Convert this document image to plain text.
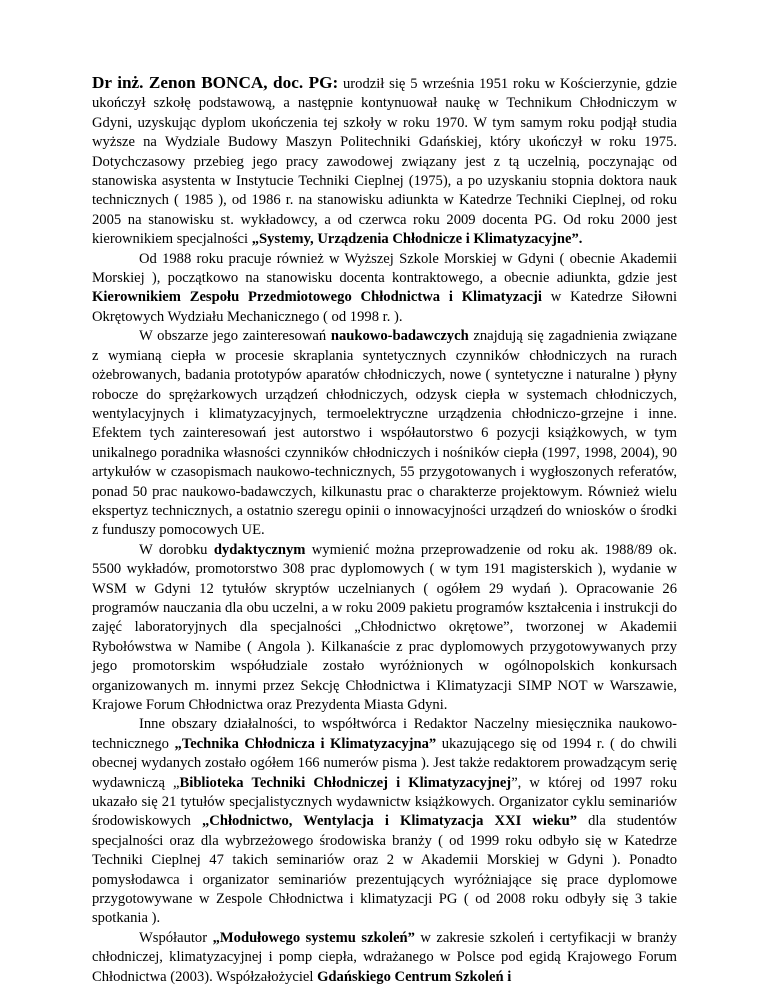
Dr inż. Zenon BONCA, doc. PG: urodził się 5 września 1951 roku w Kościerzynie, gdzie ukończył szkołę podstawową, a następnie kontynuował naukę w Technikum Chłodniczym w Gdyni, uzyskując dyplom ukończenia tej szkoły w roku 1970. W tym samym roku podjął studia wyższe na Wydziale Budowy Maszyn Politechniki Gdańskiej, który ukończył w roku 1975. Dotychczasowy przebieg jego pracy zawodowej związany jest z tą uczelnią, poczynając od stanowiska asystenta w Instytucie Techniki Cieplnej (1975), a po uzyskaniu stopnia doktora nauk technicznych ( 1985 ), od 1986 r. na stanowisku adiunkta w Katedrze Techniki Cieplnej, od roku 2005 na stanowisku st. wykładowcy, a od czerwca roku 2009 docenta PG. Od roku 2000 jest kierownikiem specjalności „Systemy, Urządzenia Chłodnicze i Klimatyzacyjne”.

Od 1988 roku pracuje również w Wyższej Szkole Morskiej w Gdyni ( obecnie Akademii Morskiej ), początkowo na stanowisku docenta kontraktowego, a obecnie adiunkta, gdzie jest Kierownikiem Zespołu Przedmiotowego Chłodnictwa i Klimatyzacji w Katedrze Siłowni Okrętowych Wydziału Mechanicznego ( od 1998 r. ).

W obszarze jego zainteresowań naukowo-badawczych znajdują się zagadnienia związane z wymianą ciepła w procesie skraplania syntetycznych czynników chłodniczych na rurach ożebrowanych, badania prototypów aparatów chłodniczych, nowe ( syntetyczne i naturalne ) płyny robocze do sprężarkowych urządzeń chłodniczych, odzysk ciepła w systemach chłodniczych, wentylacyjnych i klimatyzacyjnych, termoelektryczne urządzenia chłodniczo-grzejne i inne. Efektem tych zainteresowań jest autorstwo i współautorstwo 6 pozycji książkowych, w tym unikalnego poradnika własności czynników chłodniczych i nośników ciepła (1997, 1998, 2004), 90 artykułów w czasopismach naukowo-technicznych, 55 przygotowanych i wygłoszonych referatów, ponad 50 prac naukowo-badawczych, kilkunastu prac o charakterze projektowym. Również wielu ekspertyz technicznych, a ostatnio szeregu opinii o innowacyjności urządzeń do wniosków o środki z funduszy pomocowych UE.

W dorobku dydaktycznym wymienić można przeprowadzenie od roku ak. 1988/89 ok. 5500 wykładów, promotorstwo 308 prac dyplomowych ( w tym 191 magisterskich ), wydanie w WSM w Gdyni 12 tytułów skryptów uczelnianych ( ogółem 29 wydań ). Opracowanie 26 programów nauczania dla obu uczelni, a w roku 2009 pakietu programów kształcenia i instrukcji do zajęć laboratoryjnych dla specjalności „Chłodnictwo okrętowe”, tworzonej w Akademii Rybołówstwa w Namibe ( Angola ). Kilkanaście z prac dyplomowych przygotowywanych przy jego promotorskim współudziale zostało wyróżnionych w ogólnopolskich konkursach organizowanych m. innymi przez Sekcję Chłodnictwa i Klimatyzacji SIMP NOT w Warszawie, Krajowe Forum Chłodnictwa oraz Prezydenta Miasta Gdyni.

Inne obszary działalności, to współtwórca i Redaktor Naczelny miesięcznika naukowo-technicznego „Technika Chłodnicza i Klimatyzacyjna” ukazującego się od 1994 r. ( do chwili obecnej wydanych zostało ogółem 166 numerów pisma ). Jest także redaktorem prowadzącym serię wydawniczą „Biblioteka Techniki Chłodniczej i Klimatyzacyjnej”, w której od 1997 roku ukazało się 21 tytułów specjalistycznych wydawnictw książkowych. Organizator cyklu seminariów środowiskowych „Chłodnictwo, Wentylacja i Klimatyzacja XXI wieku” dla studentów specjalności oraz dla wybrzeżowego środowiska branży ( od 1999 roku odbyło się w Katedrze Techniki Cieplnej 47 takich seminariów oraz 2 w Akademii Morskiej w Gdyni ). Ponadto pomysłodawca i organizator seminariów prezentujących wyróżniające się prace dyplomowe przygotowywane w Zespole Chłodnictwa i klimatyzacji PG ( od 2008 roku odbyły się 3 takie spotkania ).

Współautor „Modułowego systemu szkoleń” w zakresie szkoleń i certyfikacji w branży chłodniczej, klimatyzacyjnej i pomp ciepła, wdrażanego w Polsce pod egidą Krajowego Forum Chłodnictwa (2003). Współzałożyciel Gdańskiego Centrum Szkoleń i
